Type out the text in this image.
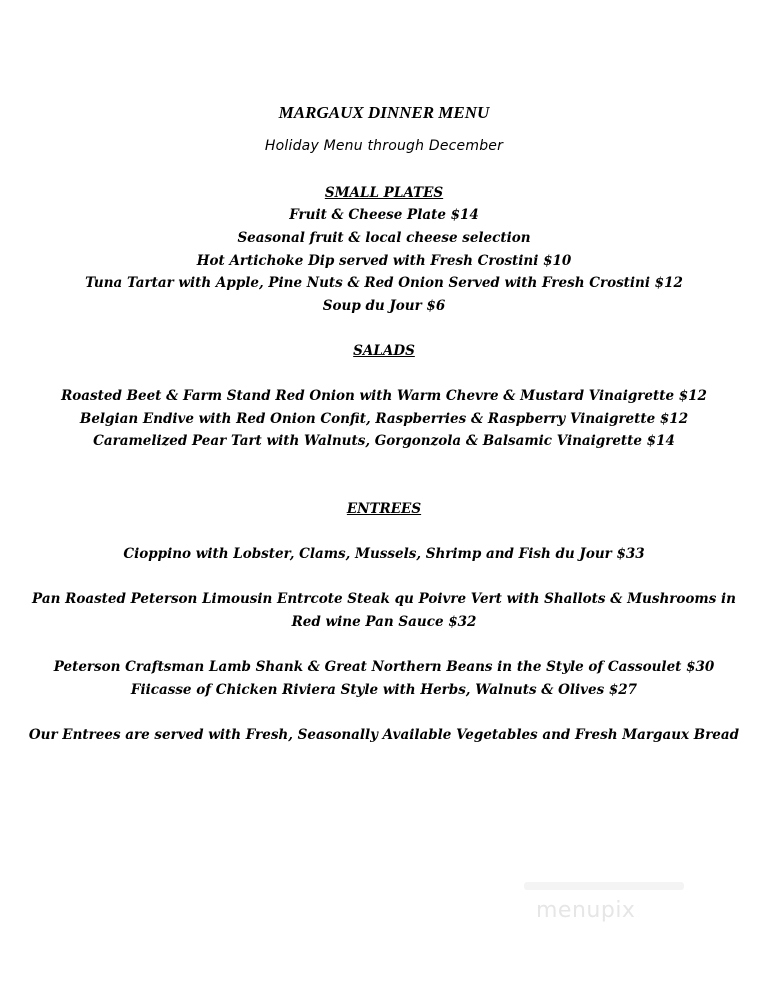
MARGAUX DINNER MENU
Holiday Menu through December
SMALL PLATES
Fruit & Cheese Plate $14
Seasonal fruit & local cheese selection
Hot Artichoke Dip served with Fresh Crostini $10
Tuna Tartar with Apple, Pine Nuts & Red Onion Served with Fresh Crostini $12
Soup du Jour $6
SALADS
Roasted Beet & Farm Stand Red Onion with Warm Chevre & Mustard Vinaigrette $12
Belgian Endive with Red Onion Confit, Raspberries & Raspberry Vinaigrette $12
Caramelized Pear Tart with Walnuts, Gorgonzola & Balsamic Vinaigrette $14
ENTREES
Cioppino with Lobster, Clams, Mussels, Shrimp and Fish du Jour $33
Pan Roasted Peterson Limousin Entrcote Steak qu Poivre Vert with Shallots & Mushrooms in
Red wine Pan Sauce $32
Peterson Craftsman Lamb Shank & Great Northern Beans in the Style of Cassoulet $30
Fiicasse of Chicken Riviera Style with Herbs, Walnuts & Olives $27
Our Entrees are served with Fresh, Seasonally Available Vegetables and Fresh Margaux Bread
menupix
